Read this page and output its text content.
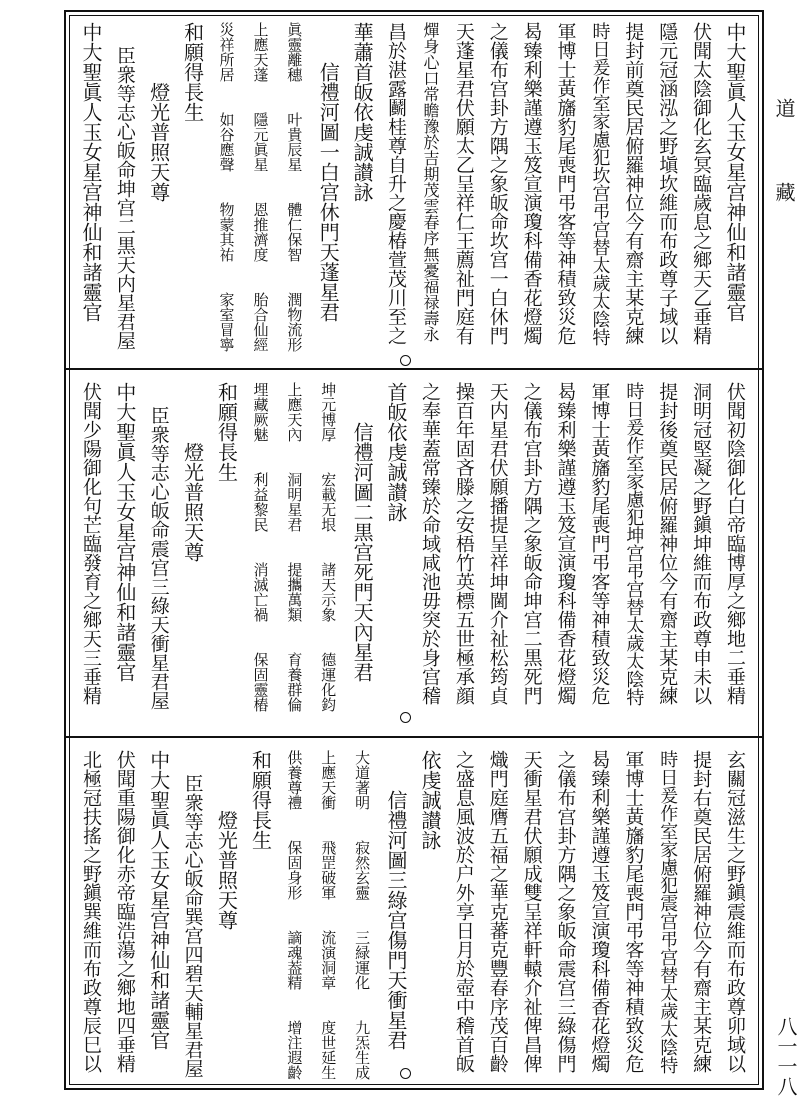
道
藏
八一一八
中大聖眞人玉女星宫神仙和諸靈官
伏聞太陰御化玄冥臨歲息之鄉天乙垂精
隱元冠涵泓之野塡坎維而布政尊子域以
提封前奠民居俯羅神位今有齋主某克練
時日爰作室家慮犯坎宫弔宫替太歲太陰特
軍博士黃旛豹尾喪門弔客等神積致災危
曷臻利樂謹遵玉笈宣演瓊科備香花燈燭
之儀布宫卦方隅之象皈命坎宫一白休門
天蓬星君伏願太乙呈祥仁王薦祉門庭有
燀身心口常瞻豫於吉期茂雲春序無憂福禄壽永
昌於湛露鬬桂尊自升之慶椿萱茂川至之
華蕭首皈依虔誠讃詠
信禮河圖一白宫休門天蓬星君
眞靈離穗　　叶貴辰星　　體仁保智　　潤物流形
上應天蓬　　隱元眞星　　恩推濟度　　胎合仙經
災祥所居　　如谷應聲　　物蒙其祐　　家室冒寧
和願得長生
燈光普照天尊
臣衆等志心皈命坤宫二黒天内星君屋
中大聖眞人玉女星宫神仙和諸靈官
伏聞初陰御化白帝臨博厚之鄉地二垂精
洞明冠堅凝之野鎭坤維而布政尊申未以
提封後奠民居俯羅神位今有齋主某克練
時日爰作室家慮犯坤宫弔宫替太歲太陰特
軍博士黃旛豹尾喪門弔客等神積致災危
曷臻利樂謹遵玉笈宣演瓊科備香花燈燭
之儀布宫卦方隅之象皈命坤宫二黒死門
天内星君伏願播提呈祥坤閫介祉松筠貞
操百年固吝滕之安梧竹英標五世極承顔
之奉華蓋常臻於命域咸池毋突於身宫稽
首皈依虔誠讃詠
信禮河圖二黒宫死門天內星君
坤元博厚　　宏載无垠　　諸天示象　　德運化鈞
上應天內　　洞明星君　　提攜萬類　　育養群倫
埋藏厥魅　　利益黎民　　消滅亡禍　　保固靈樁
和願得長生
燈光普照天尊
臣衆等志心皈命震宫三綠天衝星君屋
中大聖眞人玉女星宫神仙和諸靈官
伏聞少陽御化句芒臨發育之鄉天三垂精
玄關冠滋生之野鎭震維而布政尊卯域以
提封右奠民居俯羅神位今有齋主某克練
時日爰作室家慮犯震宫弔宫替太歲太陰特
軍博士黃旛豹尾喪門弔客等神積致災危
曷臻利樂謹遵玉笈宣演瓊科備香花燈燭
之儀布宫卦方隅之象皈命震宫三綠傷門
天衝星君伏願成雙呈祥軒轅介祉俾昌俾
熾門庭膺五福之華克蕃克豐春序茂百齡
之盛息風波於户外享日月於壺中稽首皈
依虔誠讃詠
信禮河圖三綠宫傷門天衝星君
大道著明　　寂然玄靈　　三緑運化　　九炁生成
上應天衝　　飛罡破軍　　流演洞章　　度世延生
供養尊禮　　保固身形　　謫魂葢精　　增注遐齡
和願得長生
燈光普照天尊
臣衆等志心皈命巽宫四碧天輔星君屋
中大聖眞人玉女星宫神仙和諸靈官
伏聞重陽御化赤帝臨浩蕩之鄉地四垂精
北極冠扶搖之野鎭巽維而布政尊辰巳以
